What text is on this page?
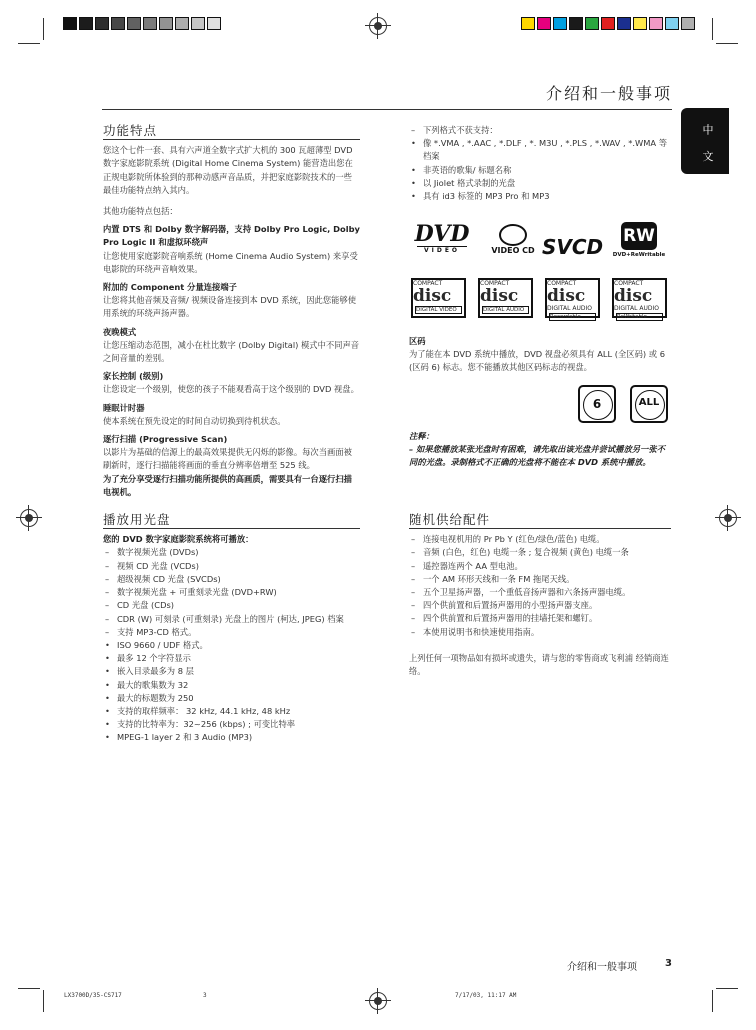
介绍和一般事项
中 文
功能特点

您这个七件一套、具有六声道全数字式扩大机的 300 瓦超薄型 DVD 数字家庭影院系统 (Digital Home Cinema System) 能营造出您在正规电影院所体验到的那种动感声音品质，并把家庭影院技术的一些最佳功能特点纳入其内。

其他功能特点包括：

内置 DTS 和 Dolby 数字解码器，支持 Dolby Pro Logic, Dolby Pro Logic II 和虚拟环绕声

让您使用家庭影院音响系统 (Home Cinema Audio System) 来享受电影院的环绕声音响效果。

附加的 Component 分量连接端子

让您将其他音频及音频/ 视频设备连接到本 DVD 系统，因此您能够使用系统的环绕声扬声器。

夜晚模式

让您压缩动态范围，减小在杜比数字 (Dolby Digital) 模式中不同声音之间音量的差别。

家长控制 (级别)

让您设定一个级别，使您的孩子不能观看高于这个级别的 DVD 视盘。

睡眠计时器

使本系统在预先设定的时间自动切换到待机状态。

逐行扫描 (Progressive Scan)

以影片为基础的信源上的最高效果提供无闪烁的影像。每次当画面被刷新时，逐行扫描能将画面的垂直分辨率倍增至 525 线。

为了充分享受逐行扫描功能所提供的高画质，需要具有一台逐行扫描电视机。

播放用光盘

您的 DVD 数字家庭影院系统将可播放：

– 数字视频光盘 (DVDs)
– 视频 CD 光盘 (VCDs)
– 超级视频 CD 光盘 (SVCDs)
– 数字视频光盘 + 可重刻录光盘 (DVD+RW)
– CD 光盘 (CDs)
– CDR (W) 可刻录 (可重刻录) 光盘上的图片 (柯达, JPEG) 档案
– 支持 MP3-CD 格式。
• ISO 9660 / UDF 格式。
• 最多 12 个字符显示
• 嵌入目录最多为 8 层
• 最大的歌集数为 32
• 最大的标题数为 250
• 支持的取样频率： 32 kHz, 44.1 kHz, 48 kHz
• 支持的比特率为：32~256 (kbps) ; 可变比特率
• MPEG-1 layer 2 和 3 Audio (MP3)
– 下列格式不获支持：
• 像 *.VMA , *.AAC , *.DLF , *. M3U , *.PLS , *.WAV , *.WMA 等档案
• 非英语的歌集/ 标题名称
• 以 Jiolet 格式录制的光盘
• 具有 id3 标签的 MP3 Pro 和 MP3
DVD
VIDEO	VIDEO CD SVCD RW
DVD+ReWritable
COMPACT
disc
DIGITAL VIDEO
COMPACT
disc
DIGITAL AUDIO
COMPACT
disc
DIGITAL AUDIO
Recordable
COMPACT
disc
DIGITAL AUDIO
ReWritable

区码

为了能在本 DVD 系统中播放，DVD 视盘必须具有 ALL (全区码) 或 6 (区码 6) 标志。您不能播放其他区码标志的视盘。

6	ALL

注释：

– 如果您播放某张光盘时有困难，请先取出该光盘并尝试播放另一张不同的光盘。录制格式不正确的光盘将不能在本 DVD 系统中播放。

随机供给配件
– 连接电视机用的 Pr Pb Y (红色/绿色/蓝色) 电缆。
– 音频 (白色，红色) 电缆一条 ; 复合视频 (黄色) 电缆一条
– 遥控器连两个 AA 型电池。
– 一个 AM 环形天线和一条 FM 拖尾天线。
– 五个卫星扬声器，一个重低音扬声器和六条扬声器电缆。
– 四个供前置和后置扬声器用的小型扬声器支座。
– 四个供前置和后置扬声器用的挂墙托架和螺钉。
– 本使用说明书和快速使用指南。

上列任何一项物品如有损坏或遗失，请与您的零售商或飞利浦 经销商连络。

介绍和一般事项	3
LX3700D/35-CS717	3	7/17/03, 11:17 AM
